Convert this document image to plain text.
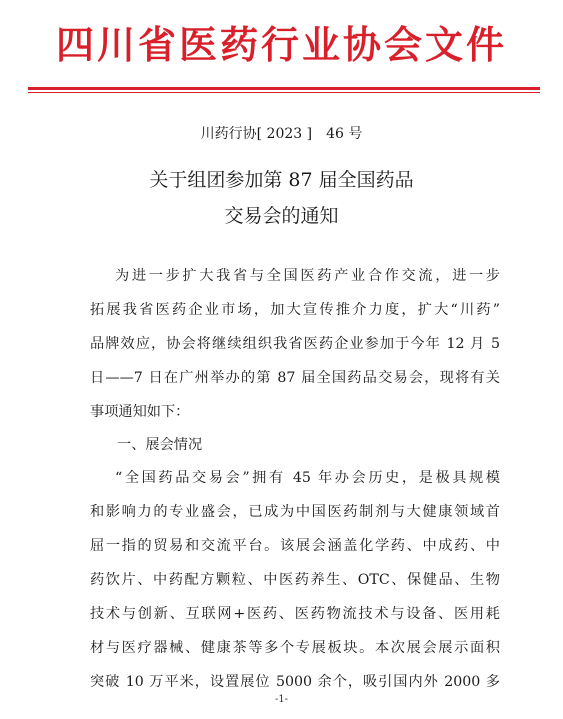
四川省医药行业协会文件
川药行协[ 2023 ]　46 号
关于组团参加第 87 届全国药品
交易会的通知
为进一步扩大我省与全国医药产业合作交流，进一步
拓展我省医药企业市场，加大宣传推介力度，扩大“川药”
品牌效应，协会将继续组织我省医药企业参加于今年 12 月 5
日——7 日在广州举办的第 87 届全国药品交易会，现将有关
事项通知如下：
一、展会情况
“全国药品交易会”拥有 45 年办会历史，是极具规模
和影响力的专业盛会，已成为中国医药制剂与大健康领域首
屈一指的贸易和交流平台。该展会涵盖化学药、中成药、中
药饮片、中药配方颗粒、中医药养生、OTC、保健品、生物
技术与创新、互联网+医药、医药物流技术与设备、医用耗
材与医疗器械、健康茶等多个专展板块。本次展会展示面积
突破 10 万平米，设置展位 5000 余个，吸引国内外 2000 多
-1-
